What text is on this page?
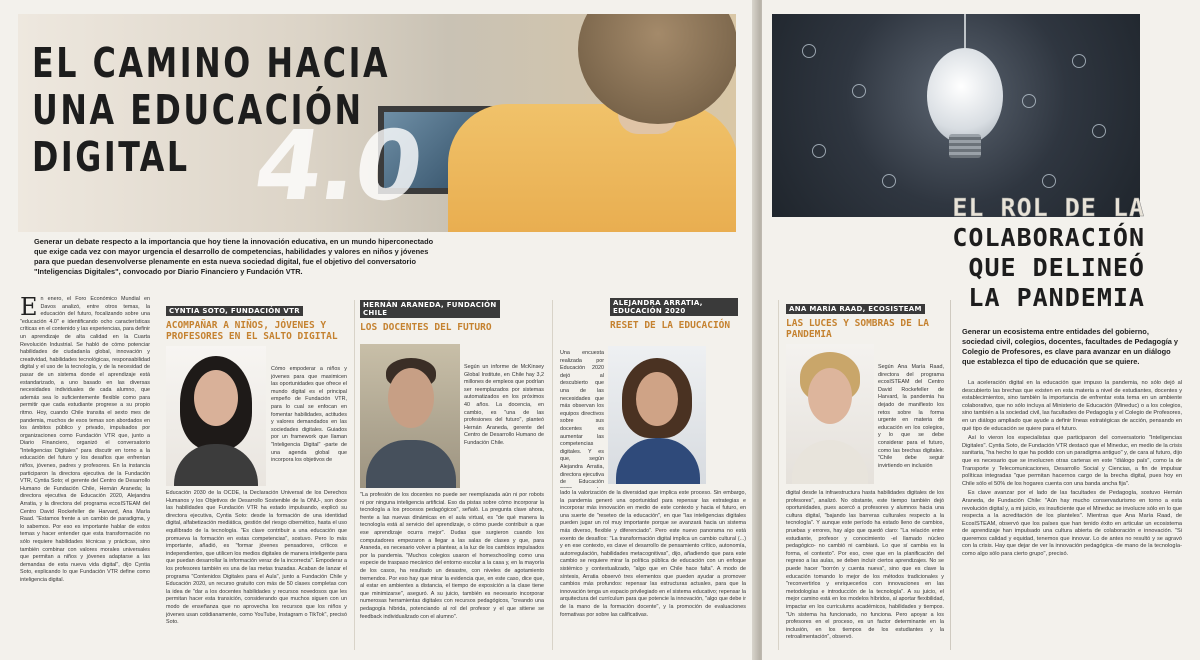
EL CAMINO HACIA
UNA EDUCACIÓN
DIGITAL 4.0
Generar un debate respecto a la importancia que hoy tiene la innovación educativa, en un mundo hiperconectado que exige cada vez con mayor urgencia el desarrollo de competencias, habilidades y valores en niños y jóvenes para que puedan desenvolverse plenamente en esta nueva sociedad digital, fue el objetivo del conversatorio "Inteligencias Digitales", convocado por Diario Financiero y Fundación VTR.
E n enero, el Foro Económico Mundial en Davos analizó, entre otros temas, la educación del futuro, focalizando sobre una "educación 4.0" e identificando ocho características críticas en el contenido y las experiencias, para definir un aprendizaje de alta calidad en la Cuarta Revolución Industrial. Se habló de cómo potenciar habilidades de ciudadanía global, innovación y creatividad, habilidades tecnológicas, responsabilidad digital y el uso de la tecnología, y de la necesidad de pasar de un sistema donde el aprendizaje está estandarizado, a uno basado en las diversas necesidades individuales de cada alumno, que además sea lo suficientemente flexible como para permitir que cada estudiante progrese a su propio ritmo. Hoy, cuando Chile transita el sexto mes de pandemia, muchos de esos temas son abordados en los ámbitos público y privado, impulsados por organizaciones como Fundación VTR que, junto a Diario Financiero, organizó el conversatorio "Inteligencias Digitales" para discutir en torno a la educación del futuro y los desafíos que enfrentan niños, jóvenes, padres y profesores. En la instancia participaron la directora ejecutiva de la Fundación VTR, Cyntia Soto; el gerente del Centro de Desarrollo Humano de Fundación Chile, Hernán Araneda; la directora ejecutiva de Educación 2020, Alejandra Arratia, y la directora del programa ecosISTEAM del Centro David Rockefeller de Harvard, Ana María Raad. "Estamos frente a un cambio de paradigma, y lo sabemos. Por eso es importante hablar de estos temas y hacer entender que esta transformación no sólo requiere habilidades técnicas y prácticas, sino también combinar con valores morales universales que permitan a niños y jóvenes adaptarse a las demandas de esta nueva vida digital", dijo Cyntia Soto, explicando lo que Fundación VTR define como inteligencia digital.
CYNTIA SOTO, FUNDACIÓN VTR
ACOMPAÑAR A NIÑOS, JÓVENES Y PROFESORES EN EL SALTO DIGITAL
Cómo empoderar a niños y jóvenes para que maximicen las oportunidades que ofrece el mundo digital es el principal empeño de Fundación VTR, para lo cual se enfocan en fomentar habilidades, actitudes y valores demandados en las sociedades digitales. Guiados por un framework que llaman "Inteligencia Digital" -parte de una agenda global que incorpora los objetivos de
Educación 2030 de la OCDE, la Declaración Universal de los Derechos Humanos y los Objetivos de Desarrollo Sostenible de la ONU-, son doce las habilidades que Fundación VTR ha estado impulsando, explicó su directora ejecutiva, Cyntia Soto: desde la formación de una identidad digital, alfabetización mediática, gestión del riesgo cibernético, hasta el uso equilibrado de la tecnología. "Es clave contribuir a una educación que promueva la formación en estas competencias", sostuvo. Pero lo más importante, añadió, es "formar jóvenes pensadores, críticos e independientes, que utilicen los medios digitales de manera inteligente para que puedan desarrollar la información veraz de la incorrecta". Empoderar a los profesores también es una de las metas trazadas. Acaban de lanzar el programa "Contenidos Digitales para el Aula", junto a Fundación Chile y Educación 2020, un recurso gratuito con más de 50 clases completas con la idea de "dar a los docentes habilidades y recursos novedosos que les permitan hacer esta transición, considerando que muchos siguen con un modo de enseñanza que no aprovecha los recursos que los niños y jóvenes usan cotidianamente, como YouTube, Instagram o TikTok", precisó Soto.
HERNÁN ARANEDA, FUNDACIÓN CHILE
LOS DOCENTES DEL FUTURO
Según un informe de McKinsey Global Institute, en Chile hay 3,2 millones de empleos que podrían ser reemplazados por sistemas automatizados en los próximos 40 años. La docencia, en cambio, es "una de las profesiones del futuro", planteó Hernán Araneda, gerente del Centro de Desarrollo Humano de Fundación Chile.
"La profesión de los docentes no puede ser reemplazada aún ni por robots ni por ninguna inteligencia artificial. Eso da pistas sobre cómo incorporar la tecnología a los procesos pedagógicos", señaló. La pregunta clave ahora, frente a las nuevas dinámicas en el aula virtual, es "de qué manera la tecnología está al servicio del aprendizaje, o cómo puede contribuir a que ese aprendizaje ocurra mejor". Dudas que surgieron cuando los computadores empezaron a llegar a las salas de clases y que, para Araneda, es necesario volver a plantear, a la luz de los cambios impulsados por la pandemia. "Muchos colegios usaron el homeschooling como una especie de traspaso mecánico del entorno escolar a la casa y, en la mayoría de los casos, ha resultado un desastre, con niveles de agotamiento tremendos. Por eso hay que mirar la evidencia que, en este caso, dice que, al estar en ambientes a distancia, el tiempo de exposición a la clase tiene que minimizarse", aseguró. A su juicio, también es necesario incorporar numerosas herramientas digitales con recursos pedagógicos, "creando una pedagogía híbrida, potenciando al rol del profesor y el que sitiene se feedback individualizado con el alumno".
ALEJANDRA ARRATIA, EDUCACIÓN 2020
RESET DE LA EDUCACIÓN
Una encuesta realizada por Educación 2020 dejó al descubierto que una de las necesidades que más observan los equipos directivos sobre sus docentes es aumentar las competencias digitales. Y es que, según Alejandra Arratia, directora ejecutiva de Educación
lado la valorización de la diversidad que implica este proceso. Sin embargo, la pandemia generó una oportunidad para repensar las estrategias e incorporar más innovación en medio de este contexto y hacia el futuro, en una suerte de "reseteo de la educación", en que "las inteligencias digitales pueden jugar un rol muy importante porque se avanzará hacia un sistema más diverso, flexible y diferenciado". Pero este nuevo panorama no está exento de desafíos: "La transformación digital implica un cambio cultural (...) y en ese contexto, es clave el desarrollo de pensamiento crítico, autonomía, autorregulación, habilidades metacognitivas", dijo, añadiendo que para este cambio se requiere mirar la política pública de educación con un enfoque sistémico y contextualizado, "algo que en Chile hace falta". A modo de síntesis, Arratia observó tres elementos que pueden ayudar a promover cambios más profundos: repensar las estructuras actuales, para que la innovación tenga un espacio privilegiado en el sistema educativo; repensar la arquitectura del currículum para que potencie la innovación, "algo que debe ir de la mano de la formación docente", y la promoción de evaluaciones formativas por sobre las calificativas.
ANA MARÍA RAAD, ECOSISTEAM
LAS LUCES Y SOMBRAS DE LA PANDEMIA
Según Ana María Raad, directora del programa ecosISTEAM del Centro David Rockefeller de Harvard, la pandemia ha dejado de manifiesto los retos sobre la forma urgente en materia de educación en los colegios, y lo que se debe considerar para el futuro, como las brechas digitales. "Chile debe seguir invirtiendo en inclusión
digital desde la infraestructura hasta habilidades digitales de los profesores", analizó. No obstante, este tiempo también dejó oportunidades, pues acercó a profesores y alumnos hacia una cultura digital, "bajando las barreras culturales respecto a la tecnología". Y aunque este período ha estado lleno de cambios, pruebas y errores, hay algo que quedó claro: "La relación entre estudiante, profesor y conocimiento -el llamado núcleo pedagógico- no cambió ni cambiará. Lo que sí cambia es la forma, el contexto". Por eso, cree que en la planificación del regreso a las aulas, se deben incluir ciertos aprendizajes. No se puede hacer "borrón y cuenta nueva", sino que es clave la educación tomando lo mejor de los métodos tradicionales y "reconvertirlos y enriquecerlos con innovaciones en las metodologías e introducción de la tecnología". A su juicio, el mejor camino está en los modelos híbridos, al aportar flexibilidad, impactar en los curriculums académicos, habilidades y tiempos. "Un sistema ha funcionado, no funciona. Pero apoyar a los profesores en el proceso, es un factor determinante en la inclusión, en los tiempos de los estudiantes y la retroalimentación", observó.
EL ROL DE LA
COLABORACIÓN
QUE DELINEÓ
LA PANDEMIA
Generar un ecosistema entre entidades del gobierno, sociedad civil, colegios, docentes, facultades de Pedagogía y Colegio de Profesores, es clave para avanzar en un diálogo que establezca el tipo de educación que se quiere.

La aceleración digital en la educación que impuso la pandemia, no sólo dejó al descubierto las brechas que existen en esta materia a nivel de estudiantes, docentes y establecimientos, sino también la importancia de enfrentar esta tema en un ambiente colaborativo, que no sólo incluya al Ministerio de Educación (Mineduc) o a los colegios, sino también a la sociedad civil, las facultades de Pedagogía y el Colegio de Profesores, en un diálogo ampliado que ayude a definir líneas estratégicas de acción, pensando en qué tipo de educación se quiere para el futuro.

Así lo vieron los especialistas que participaron del conversatorio "Inteligencias Digitales". Cyntia Soto, de Fundación VTR destacó que el Mineduc, en medio de la crisis sanitaria, "ha hecho lo que ha podido con un paradigma antiguo" y, de cara al futuro, dijo que es necesario que se involucren otras carteras en este "diálogo país", como la de Transporte y Telecomunicaciones, Desarrollo Social y Ciencias, a fin de impulsar políticas integradas "que permitan hacernos cargo de la brecha digital, pues hoy en Chile sólo el 50% de los hogares cuenta con una banda ancha fija".

Es clave avanzar por el lado de las facultades de Pedagogía, sostuvo Hernán Araneda, de Fundación Chile: "Aún hay mucho conservadurismo en torno a esta revolución digital y, a mi juicio, es insuficiente que el Mineduc se involucre sólo en lo que respecta a la acreditación de los planteles". Mientras que Ana María Raad, de EcosISTEAM, observó que los países que han tenido éxito en articular un ecosistema de aprendizaje han impulsado una cultura abierta de colaboración e innovación. "Si queremos calidad y equidad, tenemos que innovar. Lo de antes no resultó y se agravó con la crisis. Hay que dejar de ver la innovación pedagógica -de mano de la tecnología- como algo sólo para cierto grupo", precisó.
